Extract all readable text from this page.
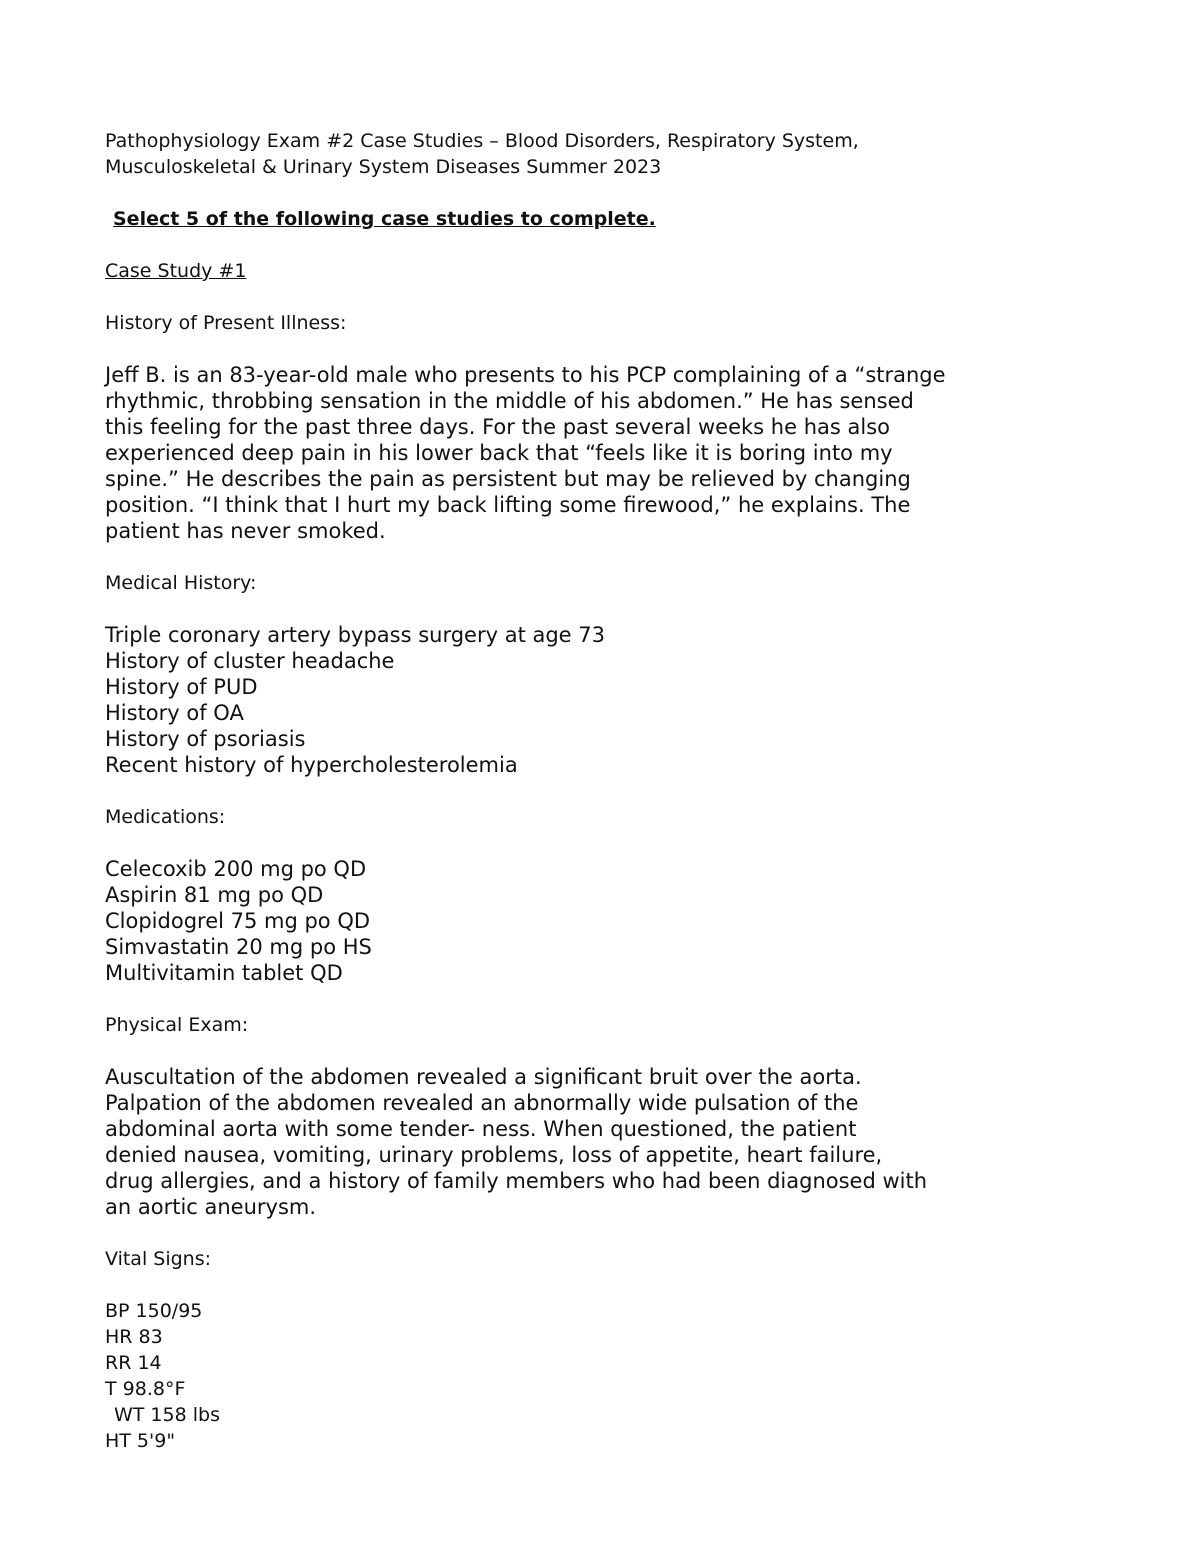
Pathophysiology Exam #2 Case Studies – Blood Disorders, Respiratory System,

Musculoskeletal & Urinary System Diseases Summer 2023

Select 5 of the following case studies to complete.

Case Study #1

History of Present Illness:

Jeff B. is an 83-year-old male who presents to his PCP complaining of a “strange
rhythmic, throbbing sensation in the middle of his abdomen.” He has sensed
this feeling for the past three days. For the past several weeks he has also
experienced deep pain in his lower back that “feels like it is boring into my
spine.” He describes the pain as persistent but may be relieved by changing
position. “I think that I hurt my back lifting some firewood,” he explains. The
patient has never smoked.

Medical History:

Triple coronary artery bypass surgery at age 73
History of cluster headache
History of PUD
History of OA
History of psoriasis
Recent history of hypercholesterolemia

Medications:

Celecoxib 200 mg po QD
Aspirin 81 mg po QD
Clopidogrel 75 mg po QD
Simvastatin 20 mg po HS
Multivitamin tablet QD

Physical Exam:

Auscultation of the abdomen revealed a significant bruit over the aorta.
Palpation of the abdomen revealed an abnormally wide pulsation of the
abdominal aorta with some tender- ness. When questioned, the patient
denied nausea, vomiting, urinary problems, loss of appetite, heart failure,
drug allergies, and a history of family members who had been diagnosed with
an aortic aneurysm.

Vital Signs:

BP 150/95
HR 83
RR 14
T 98.8°F
WT 158 lbs
HT 5'9"
